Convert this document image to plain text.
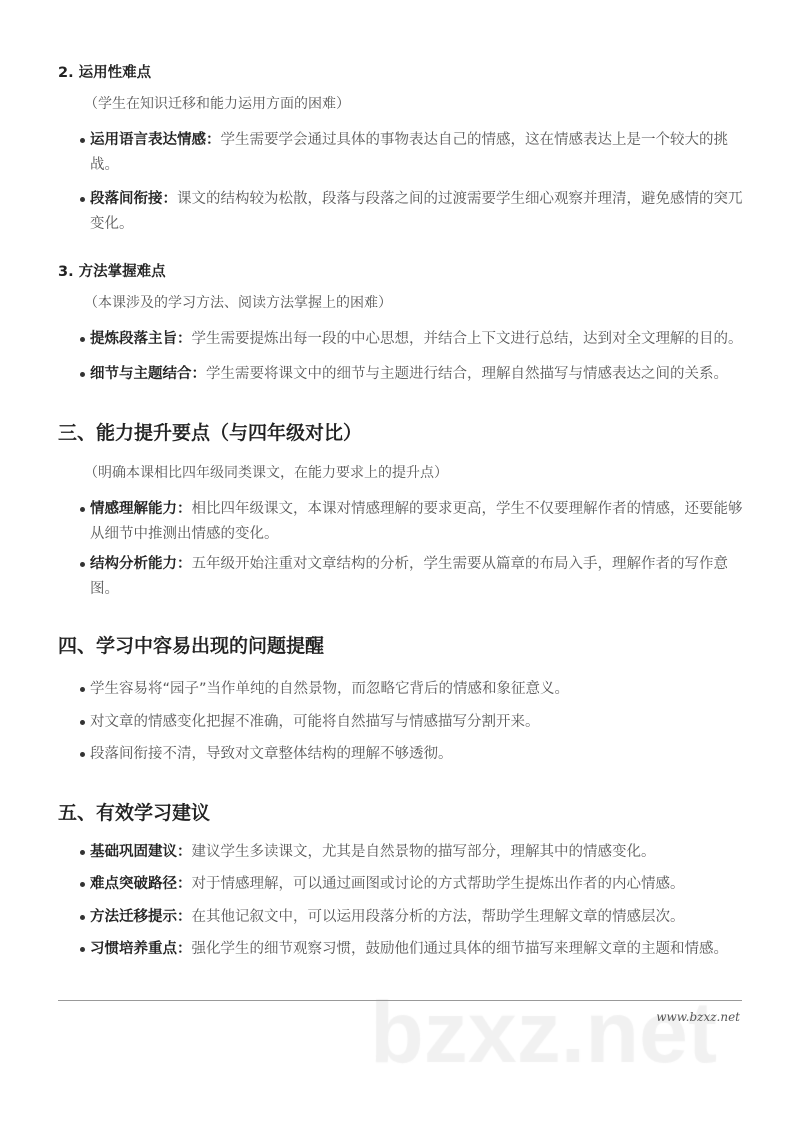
2. 运用性难点
（学生在知识迁移和能力运用方面的困难）
运用语言表达情感：学生需要学会通过具体的事物表达自己的情感，这在情感表达上是一个较大的挑战。
段落间衔接：课文的结构较为松散，段落与段落之间的过渡需要学生细心观察并理清，避免感情的突兀变化。
3. 方法掌握难点
（本课涉及的学习方法、阅读方法掌握上的困难）
提炼段落主旨：学生需要提炼出每一段的中心思想，并结合上下文进行总结，达到对全文理解的目的。
细节与主题结合：学生需要将课文中的细节与主题进行结合，理解自然描写与情感表达之间的关系。
三、能力提升要点（与四年级对比）
（明确本课相比四年级同类课文，在能力要求上的提升点）
情感理解能力：相比四年级课文，本课对情感理解的要求更高，学生不仅要理解作者的情感，还要能够从细节中推测出情感的变化。
结构分析能力：五年级开始注重对文章结构的分析，学生需要从篇章的布局入手，理解作者的写作意图。
四、学习中容易出现的问题提醒
学生容易将“园子”当作单纯的自然景物，而忽略它背后的情感和象征意义。
对文章的情感变化把握不准确，可能将自然描写与情感描写分割开来。
段落间衔接不清，导致对文章整体结构的理解不够透彻。
五、有效学习建议
基础巩固建议：建议学生多读课文，尤其是自然景物的描写部分，理解其中的情感变化。
难点突破路径：对于情感理解，可以通过画图或讨论的方式帮助学生提炼出作者的内心情感。
方法迁移提示：在其他记叙文中，可以运用段落分析的方法，帮助学生理解文章的情感层次。
习惯培养重点：强化学生的细节观察习惯，鼓励他们通过具体的细节描写来理解文章的主题和情感。
www.bzxz.net
